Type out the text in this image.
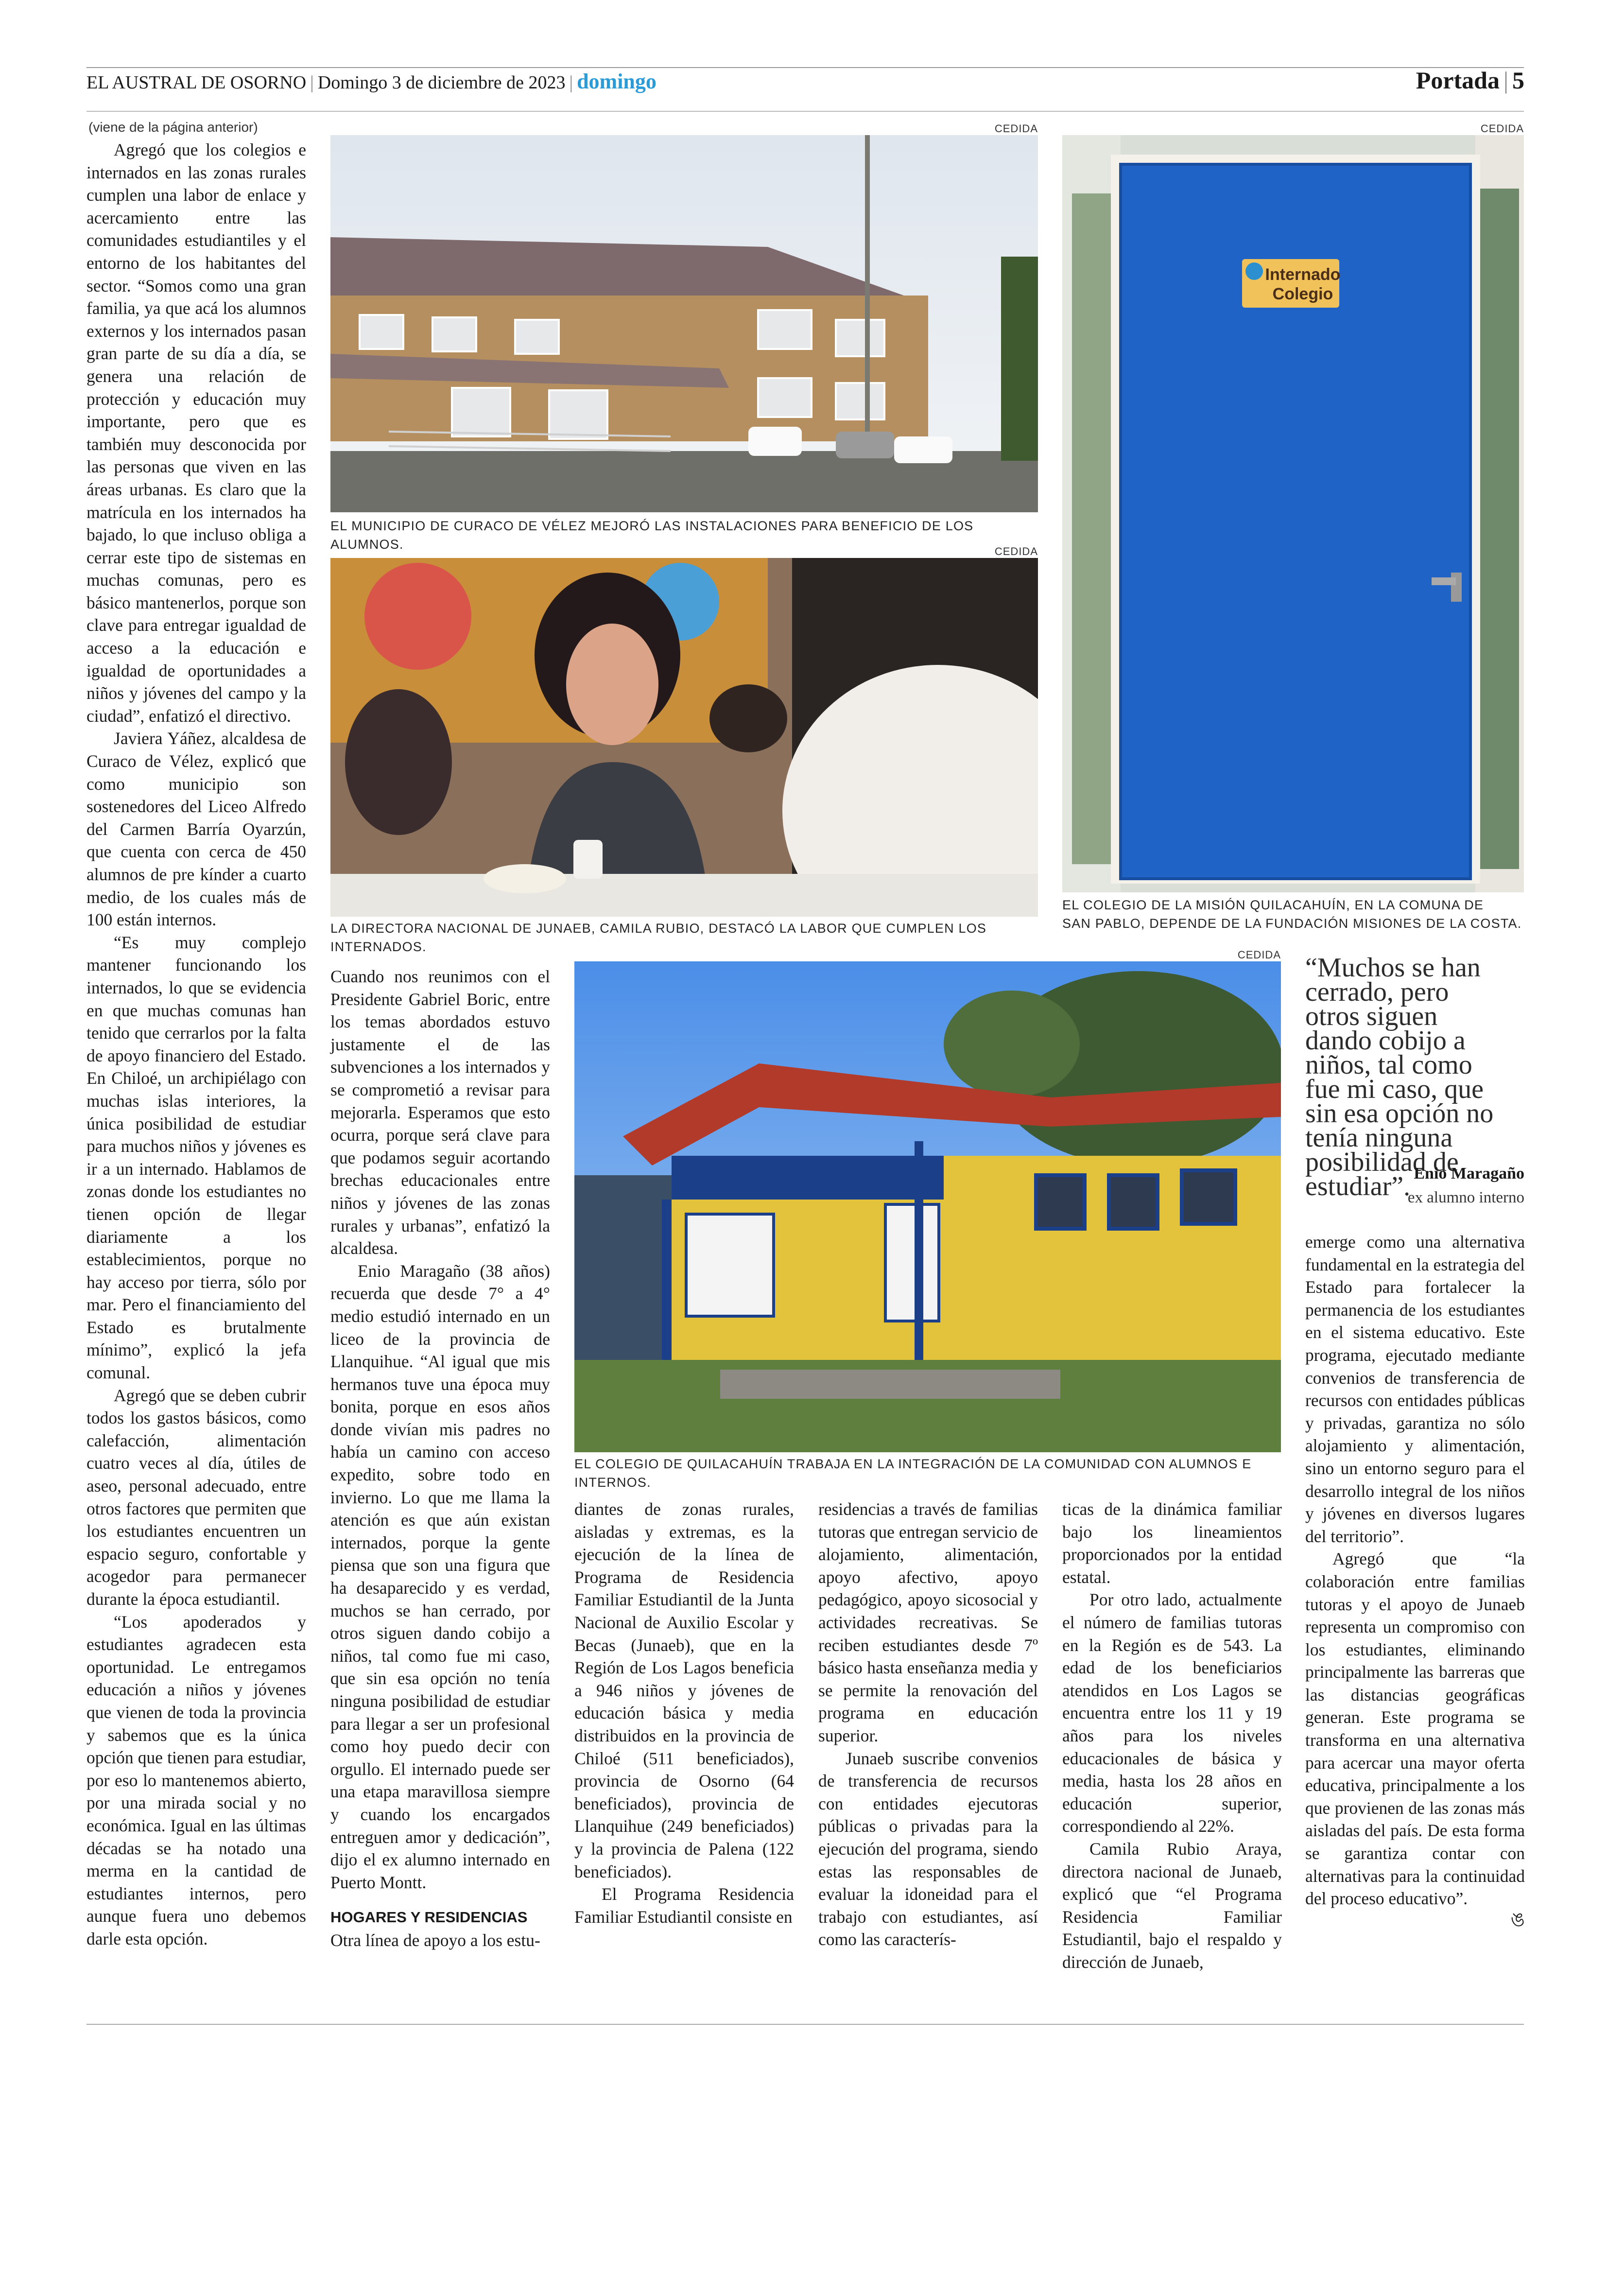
EL AUSTRAL DE OSORNO | Domingo 3 de diciembre de 2023 | domingo	Portada | 5
(viene de la página anterior)	CEDIDA
EL MUNICIPIO DE CURACO DE VÉLEZ MEJORÓ LAS INSTALACIONES PARA BENEFICIO DE LOS ALUMNOS.
CEDIDA
Internado
Colegio
EL COLEGIO DE LA MISIÓN QUILACAHUÍN, EN LA COMUNA DE
SAN PABLO, DEPENDE DE LA FUNDACIÓN MISIONES DE LA COSTA.
CEDIDA
LA DIRECTORA NACIONAL DE JUNAEB, CAMILA RUBIO, DESTACÓ LA LABOR QUE CUMPLEN LOS INTERNADOS.
CEDIDA
EL COLEGIO DE QUILACAHUÍN TRABAJA EN LA INTEGRACIÓN DE LA COMUNIDAD CON ALUMNOS E INTERNOS.
“Muchos se han cerrado, pero otros siguen dando cobijo a niños, tal como fue mi caso, que sin esa opción no tenía ninguna posibilidad de estudiar”. Enio Maragaño
ex alumno interno

Agregó que los colegios e internados en las zonas rurales cumplen una labor de enlace y acercamiento entre las comunidades estudiantiles y el entorno de los habitantes del sector. “Somos como una gran familia, ya que acá los alumnos externos y los internados pasan gran parte de su día a día, se genera una relación de protección y educación muy importante, pero que es también muy desconocida por las personas que viven en las áreas urbanas. Es claro que la matrícula en los internados ha bajado, lo que incluso obliga a cerrar este tipo de sistemas en muchas comunas, pero es básico mantenerlos, porque son clave para entregar igualdad de acceso a la educación e igualdad de oportunidades a niños y jóvenes del campo y la ciudad”, enfatizó el directivo.

Javiera Yáñez, alcaldesa de Curaco de Vélez, explicó que como municipio son sostenedores del Liceo Alfredo del Carmen Barría Oyarzún, que cuenta con cerca de 450 alumnos de pre kínder a cuarto medio, de los cuales más de 100 están internos.

“Es muy complejo mantener funcionando los internados, lo que se evidencia en que muchas comunas han tenido que cerrarlos por la falta de apoyo financiero del Estado. En Chiloé, un archipiélago con muchas islas interiores, la única posibilidad de estudiar para muchos niños y jóvenes es ir a un internado. Hablamos de zonas donde los estudiantes no tienen opción de llegar diariamente a los establecimientos, porque no hay acceso por tierra, sólo por mar. Pero el financiamiento del Estado es brutalmente mínimo”, explicó la jefa comunal.

Agregó que se deben cubrir todos los gastos básicos, como calefacción, alimentación cuatro veces al día, útiles de aseo, personal adecuado, entre otros factores que permiten que los estudiantes encuentren un espacio seguro, confortable y acogedor para permanecer durante la época estudiantil.

“Los apoderados y estudiantes agradecen esta oportunidad. Le entregamos educación a niños y jóvenes que vienen de toda la provincia y sabemos que es la única opción que tienen para estudiar, por eso lo mantenemos abierto, por una mirada social y no económica. Igual en las últimas décadas se ha notado una merma en la cantidad de estudiantes internos, pero aunque fuera uno debemos darle esta opción.

Cuando nos reunimos con el Presidente Gabriel Boric, entre los temas abordados estuvo justamente el de las subvenciones a los internados y se comprometió a revisar para mejorarla. Esperamos que esto ocurra, porque será clave para que podamos seguir acortando brechas educacionales entre niños y jóvenes de las zonas rurales y urbanas”, enfatizó la alcaldesa.

Enio Maragaño (38 años) recuerda que desde 7° a 4° medio estudió internado en un liceo de la provincia de Llanquihue. “Al igual que mis hermanos tuve una época muy bonita, porque en esos años donde vivían mis padres no había un camino con acceso expedito, sobre todo en invierno. Lo que me llama la atención es que aún existan internados, porque la gente piensa que son una figura que ha desaparecido y es verdad, muchos se han cerrado, por otros siguen dando cobijo a niños, tal como fue mi caso, que sin esa opción no tenía ninguna posibilidad de estudiar para llegar a ser un profesional como hoy puedo decir con orgullo. El internado puede ser una etapa maravillosa siempre y cuando los encargados entreguen amor y dedicación”, dijo el ex alumno internado en Puerto Montt.

HOGARES Y RESIDENCIAS

Otra línea de apoyo a los estu-

diantes de zonas rurales, aisladas y extremas, es la ejecución de la línea de Programa de Residencia Familiar Estudiantil de la Junta Nacional de Auxilio Escolar y Becas (Junaeb), que en la Región de Los Lagos beneficia a 946 niños y jóvenes de educación básica y media distribuidos en la provincia de Chiloé (511 beneficiados), provincia de Osorno (64 beneficiados), provincia de Llanquihue (249 beneficiados) y la provincia de Palena (122 beneficiados).

El Programa Residencia Familiar Estudiantil consiste en

residencias a través de familias tutoras que entregan servicio de alojamiento, alimentación, apoyo afectivo, apoyo pedagógico, apoyo sicosocial y actividades recreativas. Se reciben estudiantes desde 7º básico hasta enseñanza media y se permite la renovación del programa en educación superior.

Junaeb suscribe convenios de transferencia de recursos con entidades ejecutoras públicas o privadas para la ejecución del programa, siendo estas las responsables de evaluar la idoneidad para el trabajo con estudiantes, así como las caracterís-

ticas de la dinámica familiar bajo los lineamientos proporcionados por la entidad estatal.

Por otro lado, actualmente el número de familias tutoras en la Región es de 543. La edad de los beneficiarios atendidos en Los Lagos se encuentra entre los 11 y 19 años para los niveles educacionales de básica y media, hasta los 28 años en educación superior, correspondiendo al 22%.

Camila Rubio Araya, directora nacional de Junaeb, explicó que “el Programa Residencia Familiar Estudiantil, bajo el respaldo y dirección de Junaeb,

emerge como una alternativa fundamental en la estrategia del Estado para fortalecer la permanencia de los estudiantes en el sistema educativo. Este programa, ejecutado mediante convenios de transferencia de recursos con entidades públicas y privadas, garantiza no sólo alojamiento y alimentación, sino un entorno seguro para el desarrollo integral de los niños y jóvenes en diversos lugares del territorio”.

Agregó que “la colaboración entre familias tutoras y el apoyo de Junaeb representa un compromiso con los estudiantes, eliminando principalmente las barreras que las distancias geográficas generan. Este programa se transforma en una alternativa para acercar una mayor oferta educativa, principalmente a los que provienen de las zonas más aisladas del país. De esta forma se garantiza contar con alternativas para la continuidad del proceso educativo”.

ঙ
